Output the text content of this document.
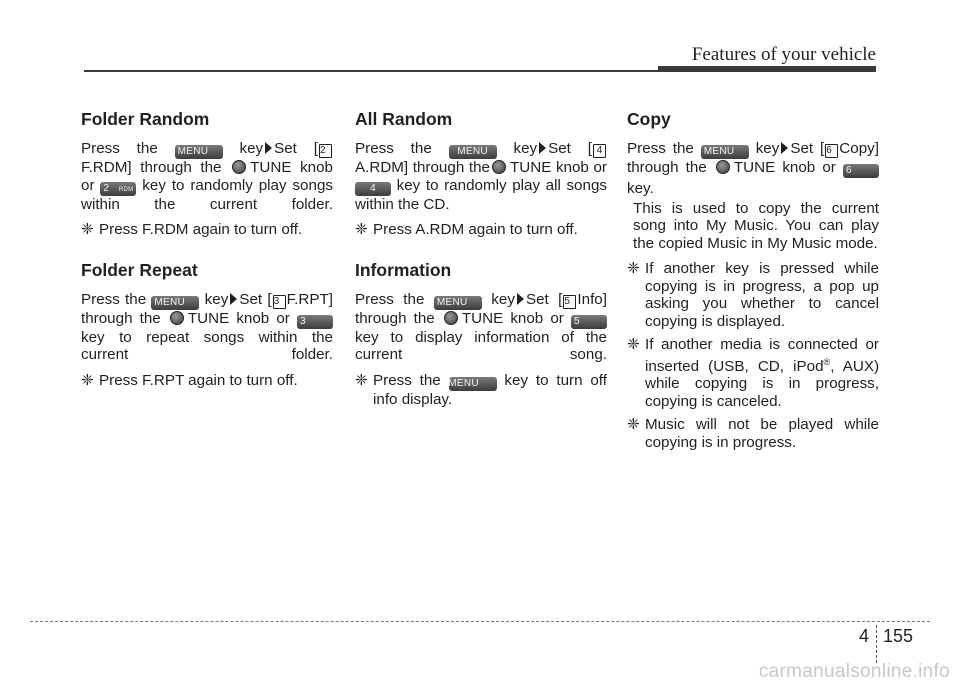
Features of your vehicle
Folder Random

Press the MENU key Set [ 2F.RDM] through the TUNE knob or 2 RDM key to randomly play songs within the current folder.

❈ Press F.RDM again to turn off.

Folder Repeat

Press the MENU key Set [ 3 F.RPT] through the TUNE knob or 3 key to repeat songs within the current folder.

❈ Press F.RPT again to turn off.

All Random

Press the	MENU key Set [ 4A.RDM] through the TUNE knob or 4 key to randomly play all songs within the CD.

❈ Press A.RDM again to turn off.

Information

Press the MENU key Set [ 5 Info] through the TUNE knob or 5 key to display information of the current song.

❈ Press the MENU key to turn off info display.

Copy

Press the MENU key Set [ 6 Copy] through the TUNE knob or 6

key.

This is used to copy the current song into My Music. You can play the copied Music in My Music mode.

❈ If another key is pressed while copying is in progress, a pop up asking you whether to cancel copying is displayed.

❈ If another media is connected or inserted (USB, CD, iPod®, AUX) while copying is in progress, copying is canceled.

❈ Music will not be played while copying is in progress.

4 155
carmanualsonline.info
